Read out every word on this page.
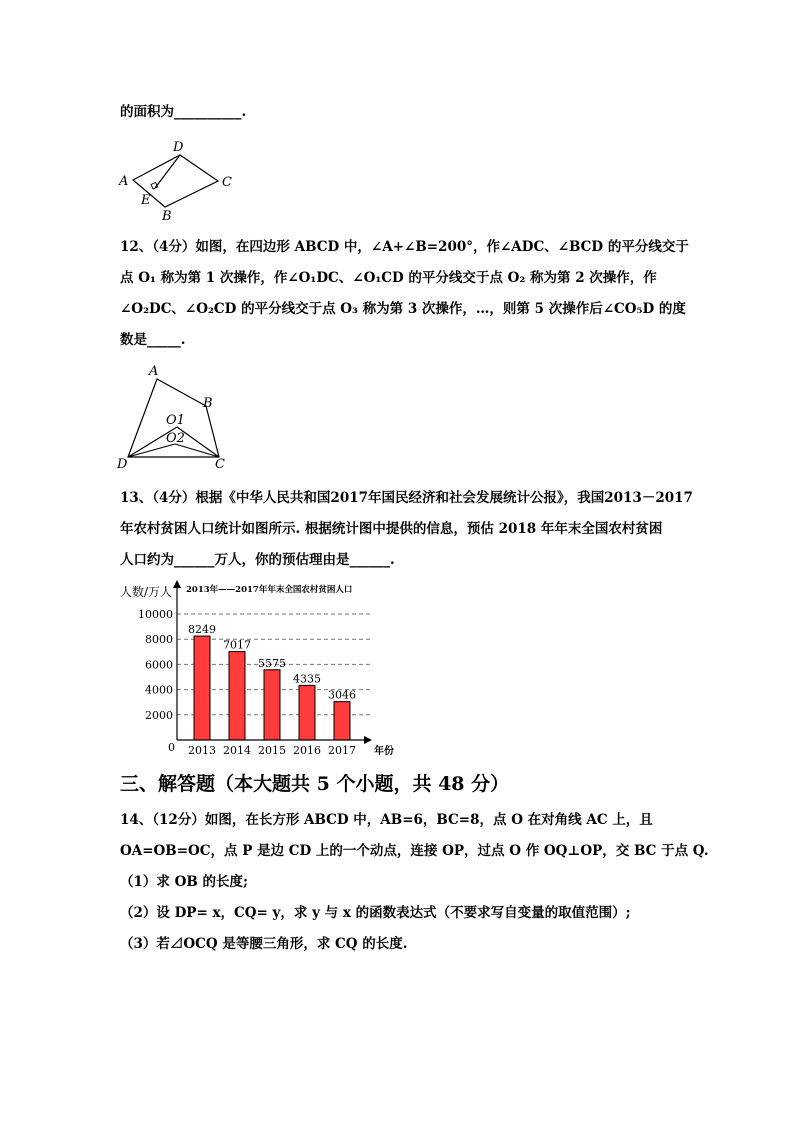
的面积为__________.
A
D
C
E
B
12、（4分）如图，在四边形 ABCD 中，∠A+∠B=200°，作∠ADC、∠BCD 的平分线交于
点 O₁ 称为第 1 次操作，作∠O₁DC、∠O₁CD 的平分线交于点 O₂ 称为第 2 次操作，作
∠O₂DC、∠O₂CD 的平分线交于点 O₃ 称为第 3 次操作，…，则第 5 次操作后∠CO₅D 的度
数是_____.
A
B
O1
O2
D	C
13、（4分）根据《中华人民共和国2017年国民经济和社会发展统计公报》，我国2013－2017
年农村贫困人口统计如图所示. 根据统计图中提供的信息，预估 2018 年年末全国农村贫困
人口约为______万人，你的预估理由是______.
2000
4000
6000
8000
10000
2013 2014 2015 2016 2017
8249
7017
5575
4335
3046
人数/万人 2013年——2017年年末全国农村贫困人口
0	年份
三、解答题（本大题共 5 个小题，共 48 分）
14、（12分）如图，在长方形 ABCD 中，AB=6，BC=8，点 O 在对角线 AC 上，且
OA=OB=OC，点 P 是边 CD 上的一个动点，连接 OP，过点 O 作 OQ⊥OP，交 BC 于点 Q.
（1）求 OB 的长度;
（2）设 DP= x，CQ= y，求 y 与 x 的函数表达式（不要求写自变量的取值范围）;
（3）若⊿OCQ 是等腰三角形，求 CQ 的长度.
